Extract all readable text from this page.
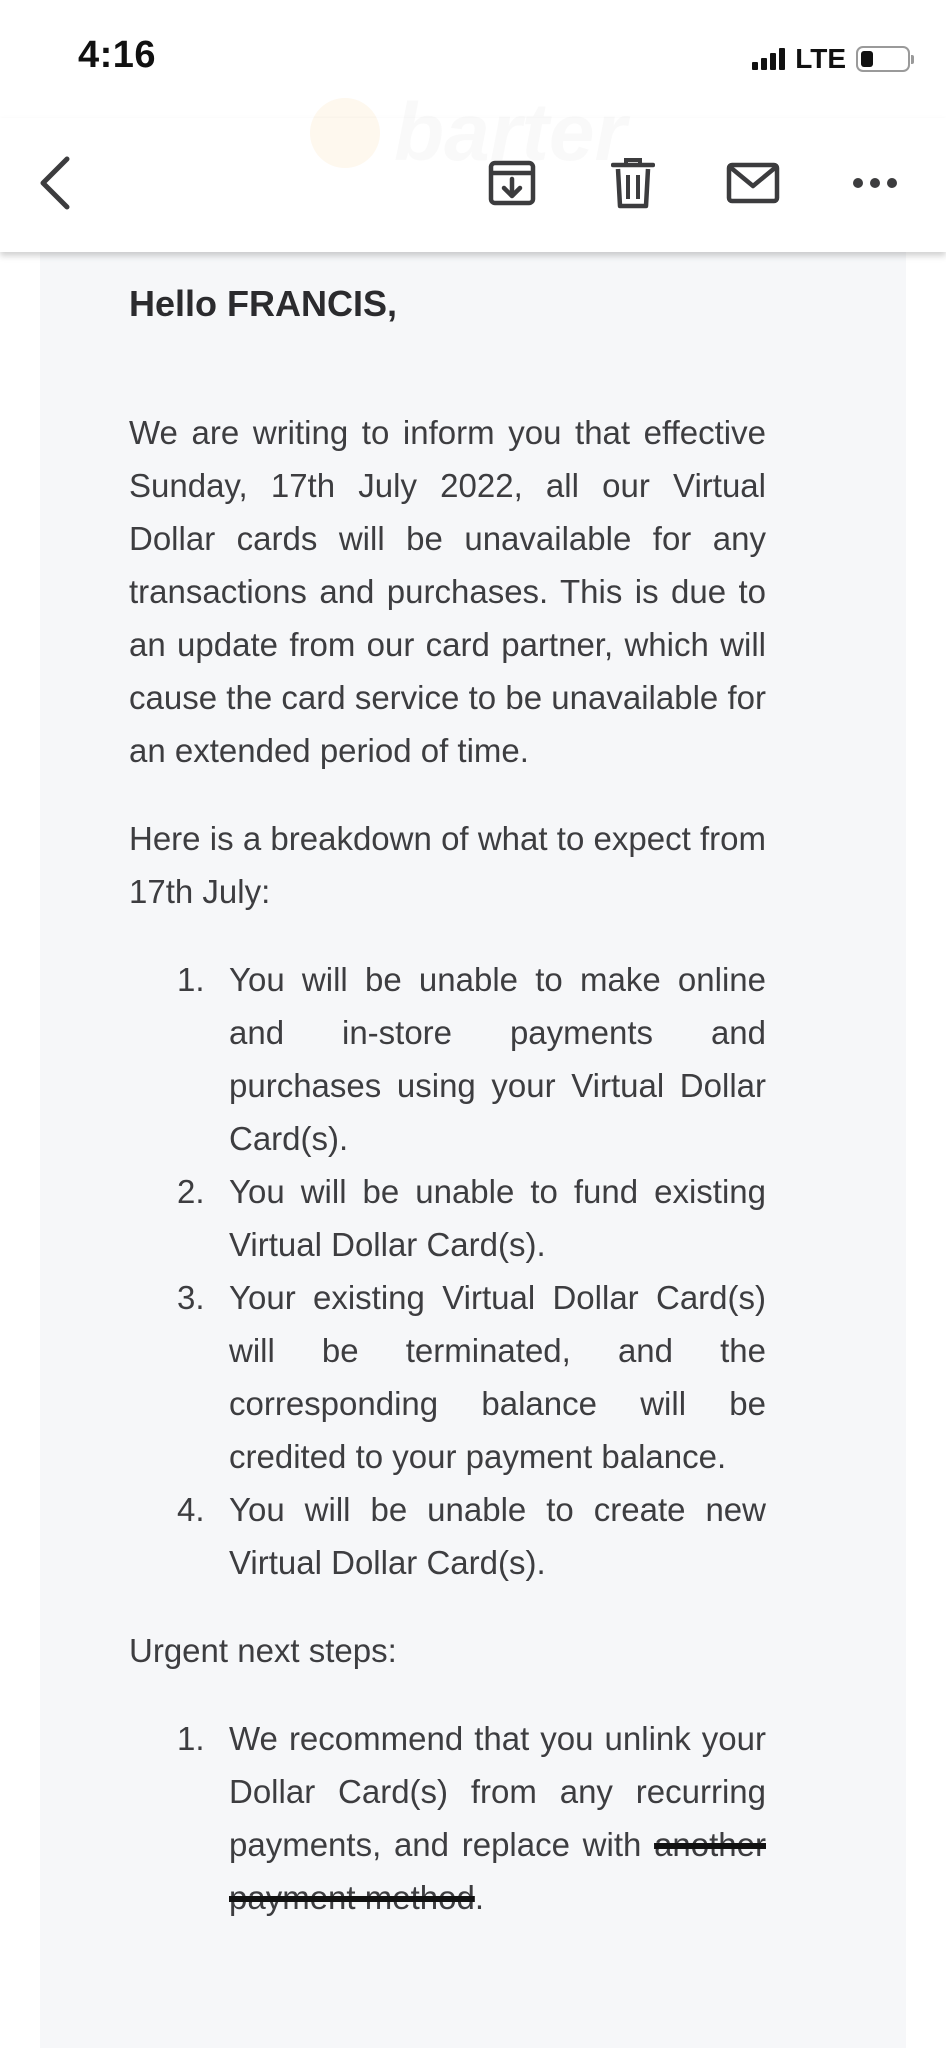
4:16	LTE
barter
Hello FRANCIS,
We are writing to inform you that effective Sunday, 17th July 2022, all our Virtual Dollar cards will be unavailable for any transactions and purchases. This is due to an update from our card partner, which will cause the card service to be unavailable for an extended period of time.
Here is a breakdown of what to expect from 17th July:
1. You will be unable to make online and in-store payments and purchases using your Virtual Dollar Card(s).
2. You will be unable to fund existing Virtual Dollar Card(s).
3. Your existing Virtual Dollar Card(s) will be terminated, and the corresponding balance will be credited to your payment balance.
4. You will be unable to create new Virtual Dollar Card(s).
Urgent next steps:
1. We recommend that you unlink your Dollar Card(s) from any recurring payments, and replace with another payment method.
